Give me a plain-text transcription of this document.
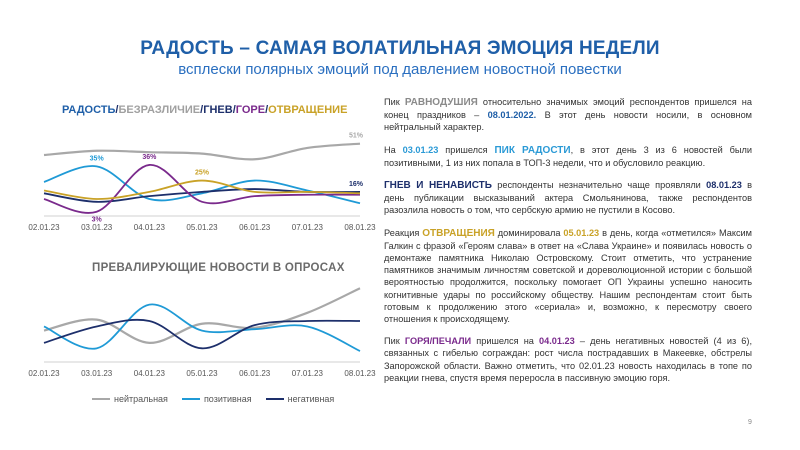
РАДОСТЬ – САМАЯ ВОЛАТИЛЬНАЯ ЭМОЦИЯ НЕДЕЛИ
всплески полярных эмоций под давлением новостной повестки
РАДОСТЬ/БЕЗРАЗЛИЧИЕ/ГНЕВ/ГОРЕ/ОТВРАЩЕНИЕ
ПРЕВАЛИРУЮЩИЕ НОВОСТИ В ОПРОСАХ
02.01.23	03.01.23	04.01.23	05.01.23	06.01.23	07.01.23	08.01.23
51%
35%
3%
36%
25%
16%
02.01.23	03.01.23	04.01.23	05.01.23	06.01.23	07.01.23	08.01.23
нейтральная	позитивная	негативная

Пик РАВНОДУШИЯ относительно значимых эмоций респондентов пришелся на конец праздников – 08.01.2022. В этот день новости носили, в основном нейтральный характер.

На 03.01.23 пришелся ПИК РАДОСТИ, в этот день 3 из 6 новостей были позитивными, 1 из них попала в ТОП-3 недели, что и обусловило реакцию.

ГНЕВ И НЕНАВИСТЬ респонденты незначительно чаще проявляли 08.01.23 в день публикации высказываний актера Смольянинова, также респондентов разозлила новость о том, что сербскую армию не пустили в Косово.

Реакция ОТВРАЩЕНИЯ доминировала 05.01.23 в день, когда «отметился» Максим Галкин с фразой «Героям слава» в ответ на «Слава Украине» и появилась новость о демонтаже памятника Николаю Островскому. Стоит отметить, что устранение памятников значимым личностям советской и дореволюционной истории с большой вероятностью продолжится, поскольку помогает ОП Украины успешно наносить когнитивные удары по российскому обществу. Нашим респондентам стоит быть готовым к продолжению этого «сериала» и, возможно, к пересмотру своего отношения к происходящему.

Пик ГОРЯ/ПЕЧАЛИ пришелся на 04.01.23 – день негативных новостей (4 из 6), связанных с гибелью сограждан: рост числа пострадавших в Макеевке, обстрелы Запорожской области. Важно отметить, что 02.01.23 новость находилась в топе по реакции гнева, спустя время переросла в пассивную эмоцию горя.

9
